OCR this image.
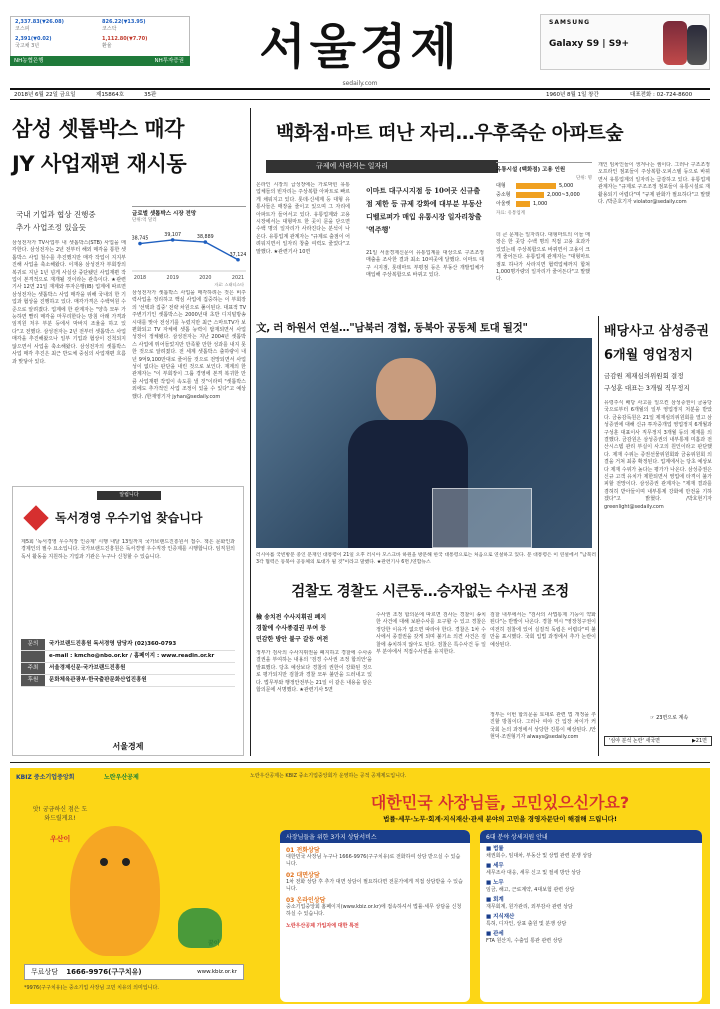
2,337.83(▼26.08)
코스피
826.22(▼13.95)
코스닥
2,391(▼0.02)
국고채 3년
1,112.80(▼7.70)
환율
NH농협은행	NH투자증권	서울경제
sedaily.com
SAMSUNG
Galaxy S9 | S9+
2018년 6월 22일 금요일	제15864호	35판	1960년 8월 1일 창간	대표전화 : 02-724-8600
삼성 셋톱박스 매각
JY 사업재편 재시동
국내 기업과 협상 진행중
추가 사업조정 있을듯
삼성전자가 TV사업부 내 셋톱박스(STB) 사업을 매각한다. 삼성전자는 2년 전부터 해외 매각을 통한 셋톱박스 사업 철수를 추진했지만 매각 작업이 지지부진해 사업을 축소해왔다. 이재용 삼성전자 부회장의 복귀로 지난 1년 넘게 사실상 중단됐던 사업재편 작업이 본격적으로 재개될 것이라는 관측이다. ★관련기사 12면 21일 재계와 투자은행(IB) 업계에 따르면 삼성전자는 셋톱박스 사업 매각을 위해 국내의 한 기업과 협상을 진행하고 있다. 매각가격은 수백억원 수준으로 알려졌다. 업계에 한 관계자는 "양측 모두 가능하면 빨리 매각을 마무리한다는 방침 아래 가격과 임직원 처우 부분 등에서 막바지 조율을 하고 있다"고 전했다. 삼성전자는 2년 전부터 셋톱박스 사업 매각을 추진해왔으나 일부 기업과 협상이 진척되지 않으면서 사업을 축소해왔다. 삼성전자의 셋톱박스 사업 매각 추진은 최근 반도체 중심의 사업재편 흐름과 맞닿아 있다.
삼성전자가 셋톱박스 사업을 매각하려는 것은 비주력사업을 정리하고 핵심 사업에 집중하는 이 부회장의 '선택과 집중' 전략 차원으로 풀이된다. 대표적 TV 주변기기인 셋톱박스는 2000년대 초반 디지털방송 시대를 맞아 전성기를 누렸지만 최근 스마트TV가 보편화되고 TV 자체에 셋톱 능력이 탑재되면서 사업 성장이 정체됐다. 삼성전자는 지난 2004년 셋톱박스 사업에 뛰어들었지만 만족할 만한 성과를 내지 못한 것으로 알려졌다. 전 세계 셋톱박스 출하량이 내년 9억9,100만대로 줄어들 것으로 전망되면서 사업성이 없다는 판단을 내린 것으로 보인다. 재계의 한 관계자는 "이 부회장이 그룹 경영에 본격 복귀한 만큼 사업재편 작업이 속도를 낼 것"이라며 "셋톱박스 외에도 추가적인 사업 조정이 있을 수 있다"고 예상했다. /한재영기자 jyhan@sedaily.com
글로벌 셋톱박스 시장 전망
단위:억 달러
38,745
2018
39,107
2019
38,889
2020
37,124
2021
자료: 스태티스타
백화점·마트 떠난 자리…우후죽순 아파트숲
규제에 사라지는 일자리
온라인 시장의 급성장에는 가로막힌 유통 업체들의 빈자리는 주상복합 아파트로 빠르게 채워지고 있다. 롯데·신세계 등 대형 유통사들은 매장을 줄이고 있으며 그 자리에 아파트가 들어서고 있다. 유통업계와 고용시장에서는 대형마트 한 곳이 문을 닫으면 수백 명의 일자리가 사라진다는 분석이 나온다. 유통업계 관계자는 "규제로 출점이 어려워지면서 일자리 창출 여력도 줄었다"고 말했다. ★관련기사 10면
이마트 대구시지점 등 10여곳 신규출점 제한 등 규제 강화에 대부분 부동산 디벨로퍼가 매입 유통시장 일자리창출 '역주행'
21일 서울경제신문이 유통업계를 대상으로 구조조정 매출을 조사한 결과 최소 10여곳에 달했다. 이마트 대구 시지점, 롯데마트 부평점 등은 부동산 개발업체가 매입해 주상복합으로 바뀌고 있다.
더 큰 문제는 일자리다. 대형마트의 이들 매장은 한 곳당 수백 명의 직접 고용 효과가 있었는데 주상복합으로 바뀌면서 고용이 크게 줄어든다. 유통업계 관계자는 "대형마트 점포 하나가 사라지면 협력업체까지 합쳐 1,000명가량의 일자리가 줄어든다"고 말했다.
개인 임차인들이 생겨나는 셈이다. 그러나 구조조정 오프라인 점포들이 주상복합·오피스텔 등으로 바뀌면서 유통업계의 일자리는 급감하고 있다. 유통업계 관계자는 "규제로 구조조정 점포들이 유통시설로 재활용되기 어렵다"며 "규제 완화가 필요하다"고 말했다. /박준호기자 violator@sedaily.com
유통시설 (백화점) 고용 인원
단위: 명
대형	5,000
중소형	2,000~3,000
아울렛	1,000
자료: 유통업계
文, 러 하원서 연설…"남북러 경협, 동북아 공동체 토대 될것"
러시아를 국빈방문 중인 문재인 대통령이 21일 오후 러시아 모스크바 하원을 방문해 한국 대통령으로는 처음으로 연설하고 있다. 문 대통령은 이 연설에서 "남북러 3각 협력은 동북아 공동체의 토대가 될 것"이라고 말했다. ★관련기사 6면 /연합뉴스
배당사고 삼성증권
6개월 영업정지
금감원 제재심의위원회 결정
구성훈 대표는 3개월 직무정지
유령주식 배당 사고를 일으킨 삼성증권이 금융당국으로부터 6개월의 일부 영업정지 처분을 받았다. 금융감독원은 21일 제재심의위원회를 열고 삼성증권에 대해 신규 투자중개업 영업정지 6개월과 구성훈 대표이사 직무정지 3개월 등의 제재를 의결했다. 금감원은 삼성증권의 내부통제 미흡과 전산시스템 관리 부실이 사고의 원인이라고 판단했다. 제재 수위는 증권선물위원회와 금융위원회 의결을 거쳐 최종 확정된다. 업계에서는 당초 예상보다 제재 수위가 높다는 평가가 나온다. 삼성증권은 신규 고객 유치가 제한되면서 영업에 타격이 불가피할 전망이다. 삼성증권 관계자는 "제재 결과를 겸허히 받아들이며 내부통제 강화에 만전을 기하겠다"고 밝혔다. /박호현기자 greenlight@sedaily.com
☞ 23면으로 계속
'심야 분석 논란' 새국면	▶21면
검찰도 경찰도 시큰둥…승자없는 수사권 조정
檢 송치전 수사지휘권 폐지
경찰에 수사종결권 부여 등
민감한 방안 불구 갈등 여전
정부가 검사의 수사지휘권을 폐지하고 경찰에 수사종결권을 부여하는 내용의 '검경 수사권 조정 합의안'을 발표했다. 당초 예상보다 경찰의 권한이 강화된 것으로 평가되지만 검찰과 경찰 모두 불만을 드러내고 있다. 법무부와 행정안전부는 21일 이 같은 내용을 담은 합의문에 서명했다. ★관련기사 5면
수사권 조정 합의문에 따르면 검사는 경찰이 송치한 사건에 대해 보완수사를 요구할 수 있고 경찰은 정당한 이유가 없으면 따라야 한다. 경찰은 1차 수사에서 종결권을 갖게 되며 불기소 의견 사건은 검찰에 송치하지 않아도 된다. 검찰은 특수사건 등 일부 분야에서 직접수사권을 유지한다.
검찰 내부에서는 "검사의 사법통제 기능이 약화된다"는 반발이 나온다. 경찰 역시 "영장청구권이 여전히 검찰에 있어 실질적 독립은 어렵다"며 불만을 표시했다. 국회 입법 과정에서 추가 논란이 예상된다.
정부는 이번 합의문을 토대로 관련 법 개정을 추진할 방침이다. 그러나 여야 간 입장 차이가 커 국회 논의 과정에서 상당한 진통이 예상된다. /안현덕·조권형기자 always@sedaily.com
알립니다
독서경영 우수기업 찾습니다
제5회 '독서경영 우수직장 인증제' 시행 내달 13일까지 국가브랜드진흥원서 접수. 책은 문화인과 경제인의 필수 요소입니다. 국가브랜드진흥원은 독서경영 우수직장 인증제를 시행합니다. 임직원의 독서 활동을 지원하는 기업과 기관은 누구나 신청할 수 있습니다.
문의	국가브랜드진흥원 독서경영 담당자 (02)360-0793
e-mail : kmcho@nbo.or.kr / 홈페이지 : www.readin.or.kr
주최	서울경제신문·국가브랜드진흥원
후원	문화체육관광부·한국출판문화산업진흥원
서울경제
KBIZ 중소기업중앙회	노란우산공제	노란우산공제는 KBIZ 중소기업중앙회가 운영하는 공적 공제제도입니다.
앗! 궁금하신 점은 도와드릴게요!
우산이
꿈이
무료상담 1666-9976(구구치유)	www.kbiz.or.kr
*9976(구구치유)는 중소기업 사장님 고민 치유의 의미입니다.
대한민국 사장님들, 고민있으신가요?
법률·세무·노무·회계·지식재산·관세 분야의 고민을 경영자문단이 해결해 드립니다!
사장님들을 위한 3가지 상담서비스
01 전화상담
대한민국 사장님 누구나 1666-9976(구구치유)로 전화하여 상담 받으실 수 있습니다.
02 대면상담
1차 전화 상담 후 추가 대면 상담이 필요하다면 전문가에게 직접 상담받을 수 있습니다.
03 온라인상담
중소기업중앙회 홈페이지(www.kbiz.or.kr)에 접속하셔서 법률·세무 상담을 신청하실 수 있습니다.
노란우산공제 가입자에 대한 특전
6대 분야 상세지원 안내
■ 법률
채권회수, 임대차, 부동산 및 상법 관련 분쟁 상담
■ 세무
세무조사 대응, 세무 신고 및 절세 방안 상담
■ 노무
임금, 해고, 근로계약, 4대보험 관련 상담
■ 회계
재무회계, 원가관리, 외부감사 관련 상담
■ 지식재산
특허, 디자인, 상표 출원 및 분쟁 상담
■ 관세
FTA 원산지, 수출입 통관 관련 상담
